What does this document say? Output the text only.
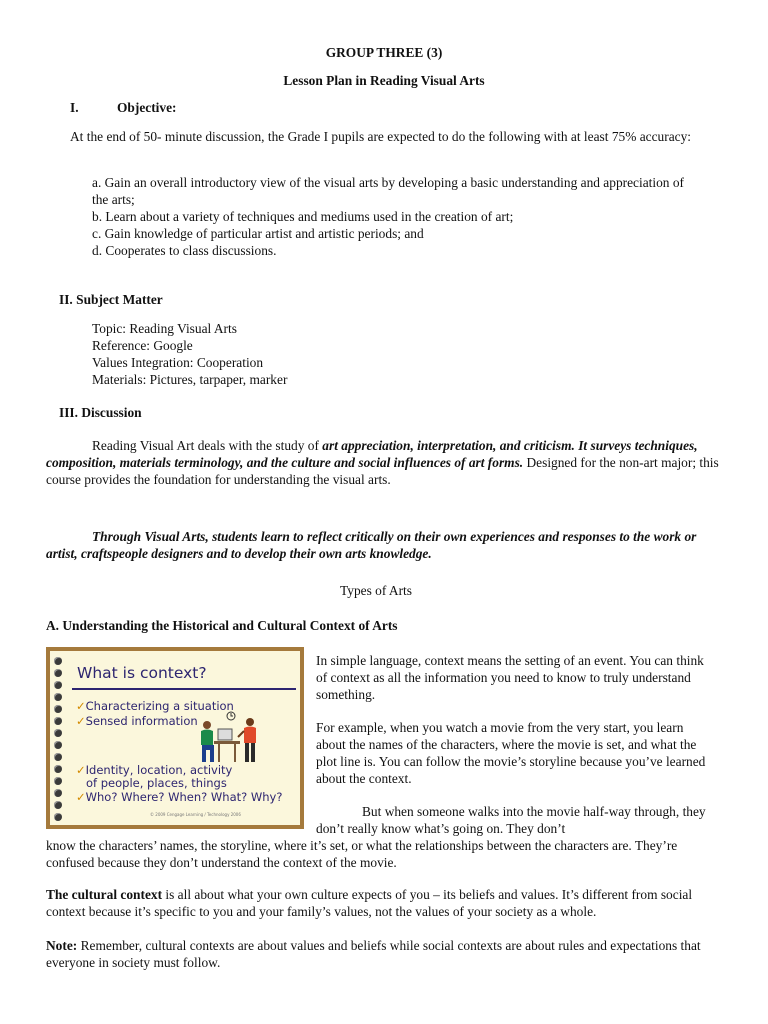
GROUP THREE (3)
Lesson Plan in Reading Visual Arts
I.	Objective:

At the end of 50- minute discussion, the Grade I pupils are expected to do the following with at least 75% accuracy:

a. Gain an overall introductory view of the visual arts by developing a basic understanding and appreciation of the arts;

b. Learn about a variety of techniques and mediums used in the creation of art;

c. Gain knowledge of particular artist and artistic periods; and

d. Cooperates to class discussions.

II. Subject Matter

Topic: Reading Visual Arts

Reference: Google

Values Integration: Cooperation

Materials: Pictures, tarpaper, marker

III. Discussion

Reading Visual Art deals with the study of art appreciation, interpretation, and criticism. It surveys techniques, composition, materials terminology, and the culture and social influences of art forms. Designed for the non-art major; this course provides the foundation for understanding the visual arts.

Through Visual Arts, students learn to reflect critically on their own experiences and responses to the work or artist, craftspeople designers and to develop their own arts knowledge.

Types of Arts
A. Understanding the Historical and Cultural Context of Arts
What is context?
✓Characterizing a situation
✓Sensed information
✓Identity, location, activity
of people, places, things
✓Who? Where? When? What? Why?
© 2009 Cengage Learning / Technology 2006

In simple language, context means the setting of an event. You can think of context as all the information you need to know to truly understand something.

For example, when you watch a movie from the very start, you learn about the names of the characters, where the movie is set, and what the plot line is. You can follow the movie’s storyline because you’ve learned about the context.

But when someone walks into the movie half-way through, they don’t really know what’s going on. They don’t

know the characters’ names, the storyline, where it’s set, or what the relationships between the characters are. They’re confused because they don’t understand the context of the movie.

The cultural context is all about what your own culture expects of you – its beliefs and values. It’s different from social context because it’s specific to you and your family’s values, not the values of your society as a whole.

Note: Remember, cultural contexts are about values and beliefs while social contexts are about rules and expectations that everyone in society must follow.
